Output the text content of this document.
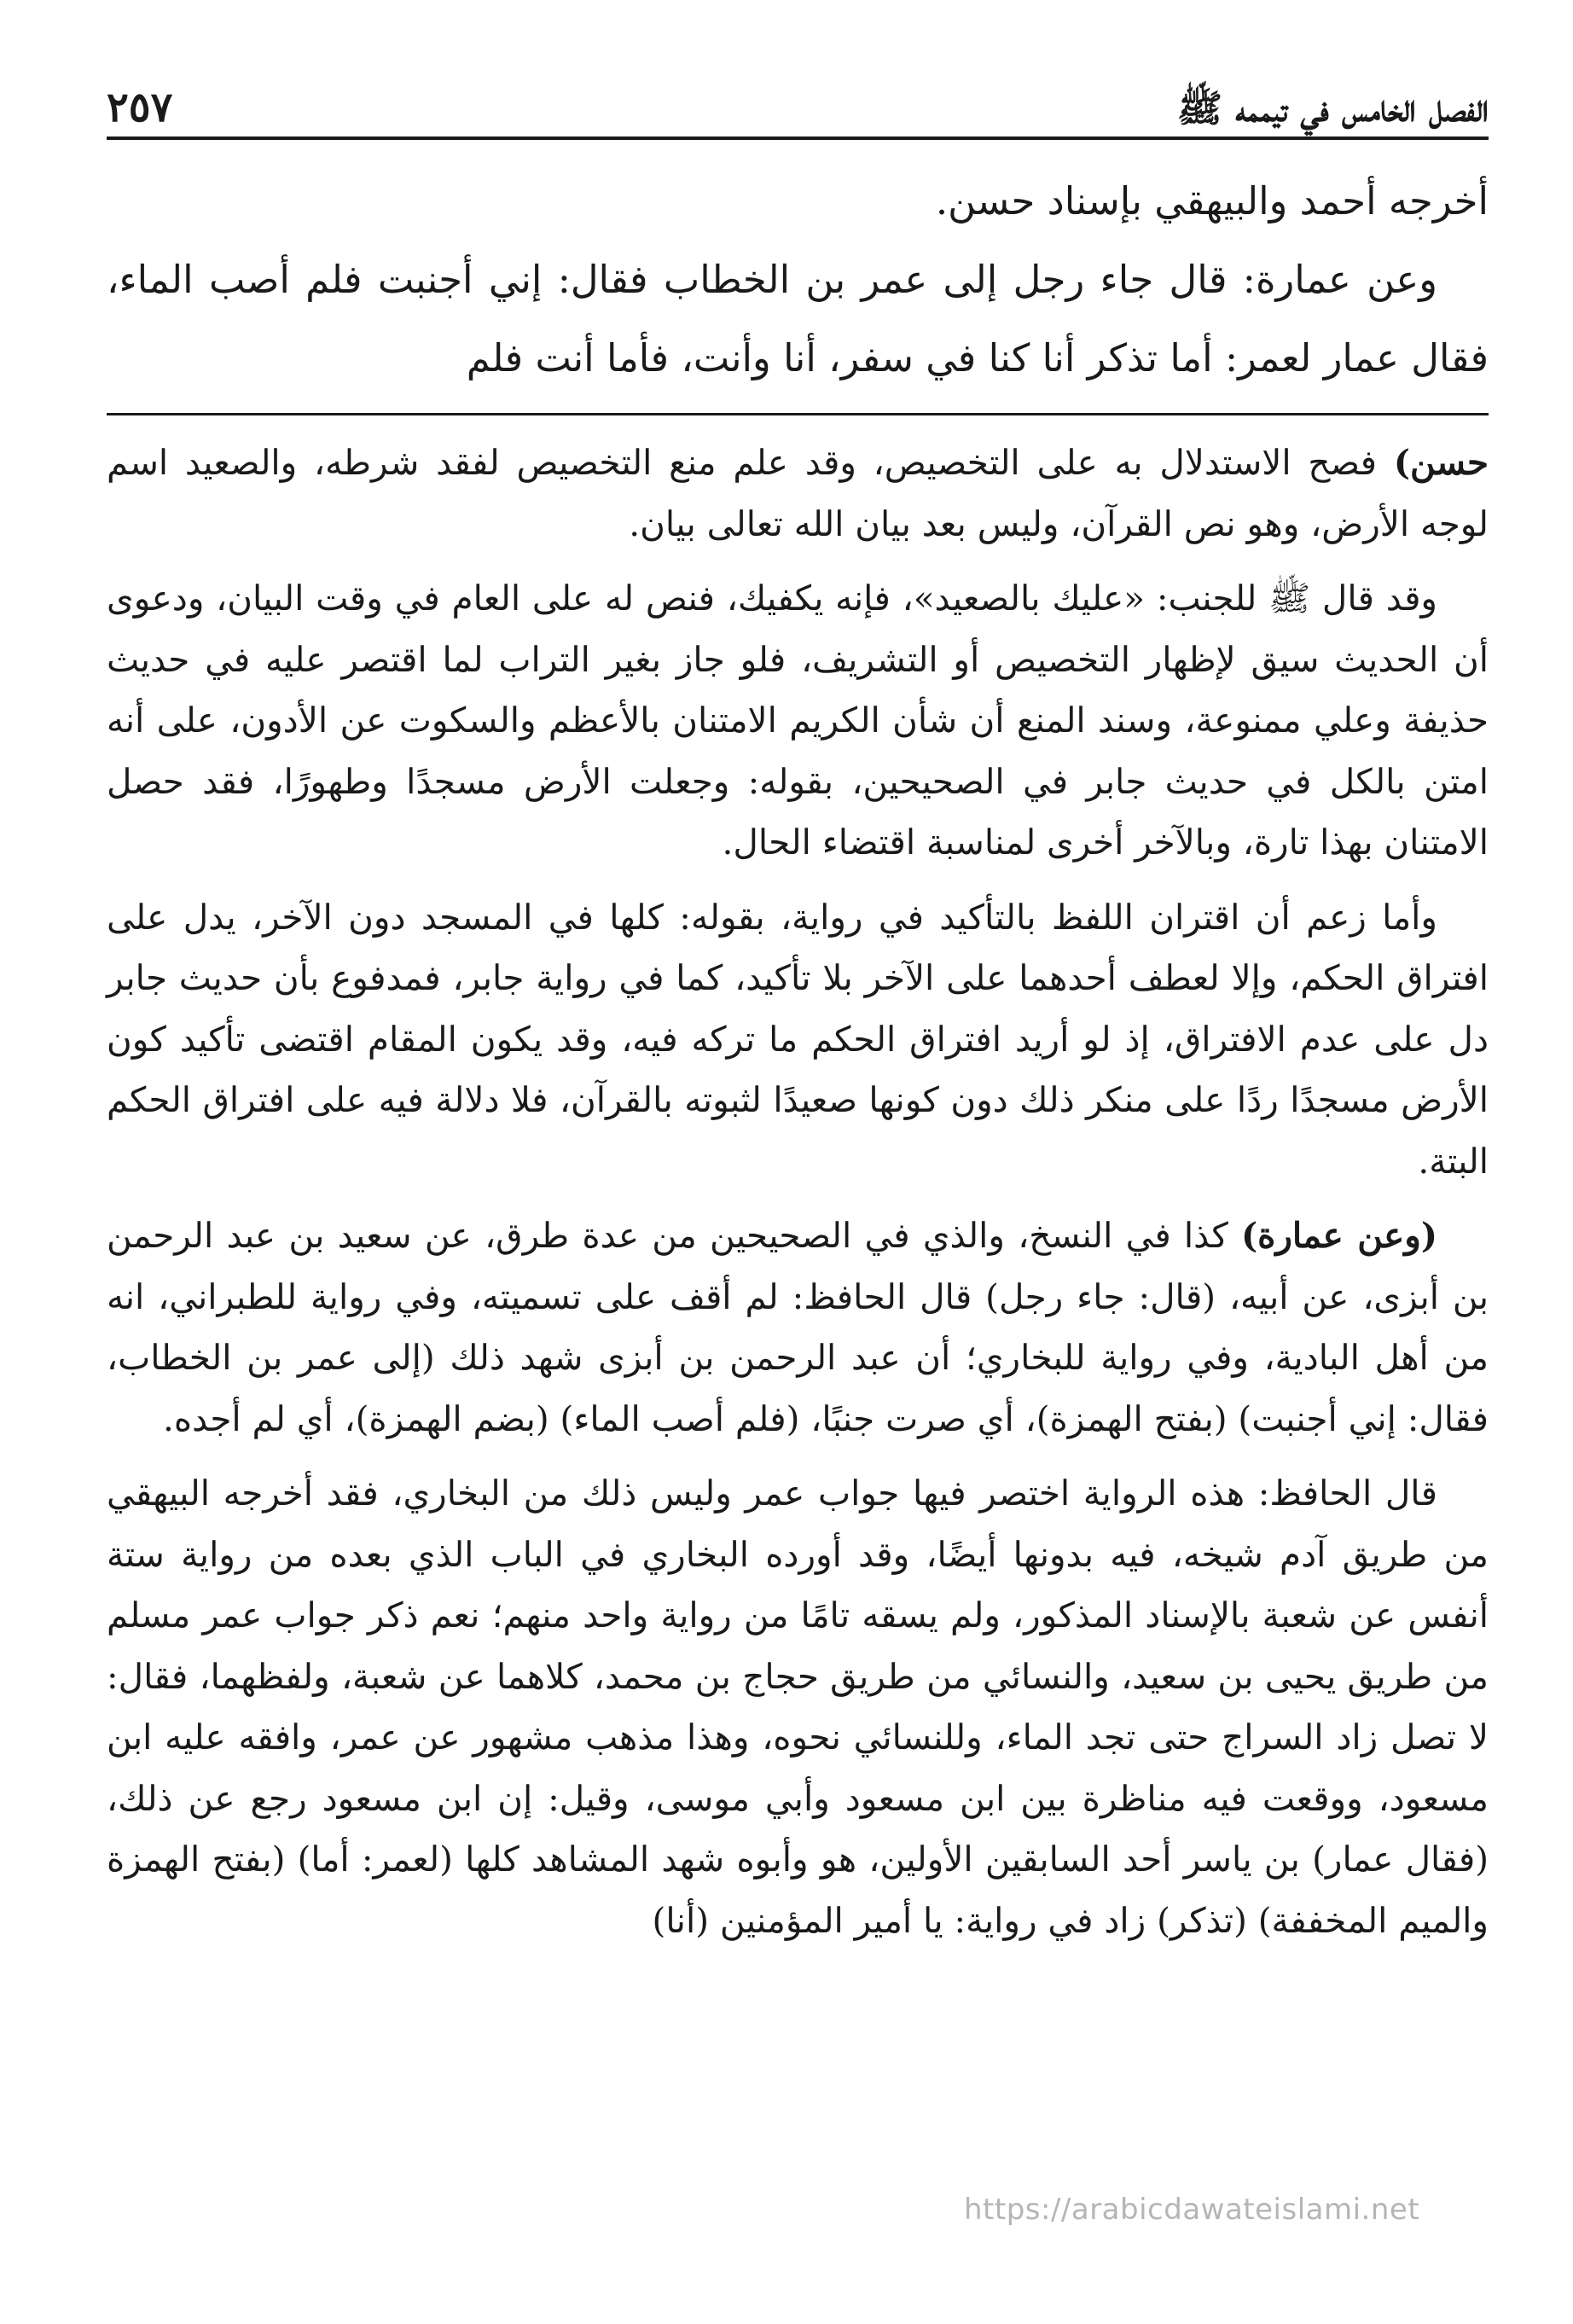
الفصل الخامس في تيممه ﷺ
٢٥٧

أخرجه أحمد والبيهقي بإسناد حسن.

وعن عمارة: قال جاء رجل إلى عمر بن الخطاب فقال: إني أجنبت فلم أصب الماء، فقال عمار لعمر: أما تذكر أنا كنا في سفر، أنا وأنت، فأما أنت فلم

حسن) فصح الاستدلال به على التخصيص، وقد علم منع التخصيص لفقد شرطه، والصعيد اسم لوجه الأرض، وهو نص القرآن، وليس بعد بيان الله تعالى بيان.

وقد قال ﷺ للجنب: «عليك بالصعيد»، فإنه يكفيك، فنص له على العام في وقت البيان، ودعوى أن الحديث سيق لإظهار التخصيص أو التشريف، فلو جاز بغير التراب لما اقتصر عليه في حديث حذيفة وعلي ممنوعة، وسند المنع أن شأن الكريم الامتنان بالأعظم والسكوت عن الأدون، على أنه امتن بالكل في حديث جابر في الصحيحين، بقوله: وجعلت الأرض مسجدًا وطهورًا، فقد حصل الامتنان بهذا تارة، وبالآخر أخرى لمناسبة اقتضاء الحال.

وأما زعم أن اقتران اللفظ بالتأكيد في رواية، بقوله: كلها في المسجد دون الآخر، يدل على افتراق الحكم، وإلا لعطف أحدهما على الآخر بلا تأكيد، كما في رواية جابر، فمدفوع بأن حديث جابر دل على عدم الافتراق، إذ لو أريد افتراق الحكم ما تركه فيه، وقد يكون المقام اقتضى تأكيد كون الأرض مسجدًا ردًا على منكر ذلك دون كونها صعيدًا لثبوته بالقرآن، فلا دلالة فيه على افتراق الحكم البتة.

(وعن عمارة) كذا في النسخ، والذي في الصحيحين من عدة طرق، عن سعيد بن عبد الرحمن بن أبزى، عن أبيه، (قال: جاء رجل) قال الحافظ: لم أقف على تسميته، وفي رواية للطبراني، انه من أهل البادية، وفي رواية للبخاري؛ أن عبد الرحمن بن أبزى شهد ذلك (إلى عمر بن الخطاب، فقال: إني أجنبت) (بفتح الهمزة)، أي صرت جنبًا، (فلم أصب الماء) (بضم الهمزة)، أي لم أجده.

قال الحافظ: هذه الرواية اختصر فيها جواب عمر وليس ذلك من البخاري، فقد أخرجه البيهقي من طريق آدم شيخه، فيه بدونها أيضًا، وقد أورده البخاري في الباب الذي بعده من رواية ستة أنفس عن شعبة بالإسناد المذكور، ولم يسقه تامًا من رواية واحد منهم؛ نعم ذكر جواب عمر مسلم من طريق يحيى بن سعيد، والنسائي من طريق حجاج بن محمد، كلاهما عن شعبة، ولفظهما، فقال: لا تصل زاد السراج حتى تجد الماء، وللنسائي نحوه، وهذا مذهب مشهور عن عمر، وافقه عليه ابن مسعود، ووقعت فيه مناظرة بين ابن مسعود وأبي موسى، وقيل: إن ابن مسعود رجع عن ذلك، (فقال عمار) بن ياسر أحد السابقين الأولين، هو وأبوه شهد المشاهد كلها (لعمر: أما) (بفتح الهمزة والميم المخففة) (تذكر) زاد في رواية: يا أمير المؤمنين (أنا)

https://arabicdawateislami.net
